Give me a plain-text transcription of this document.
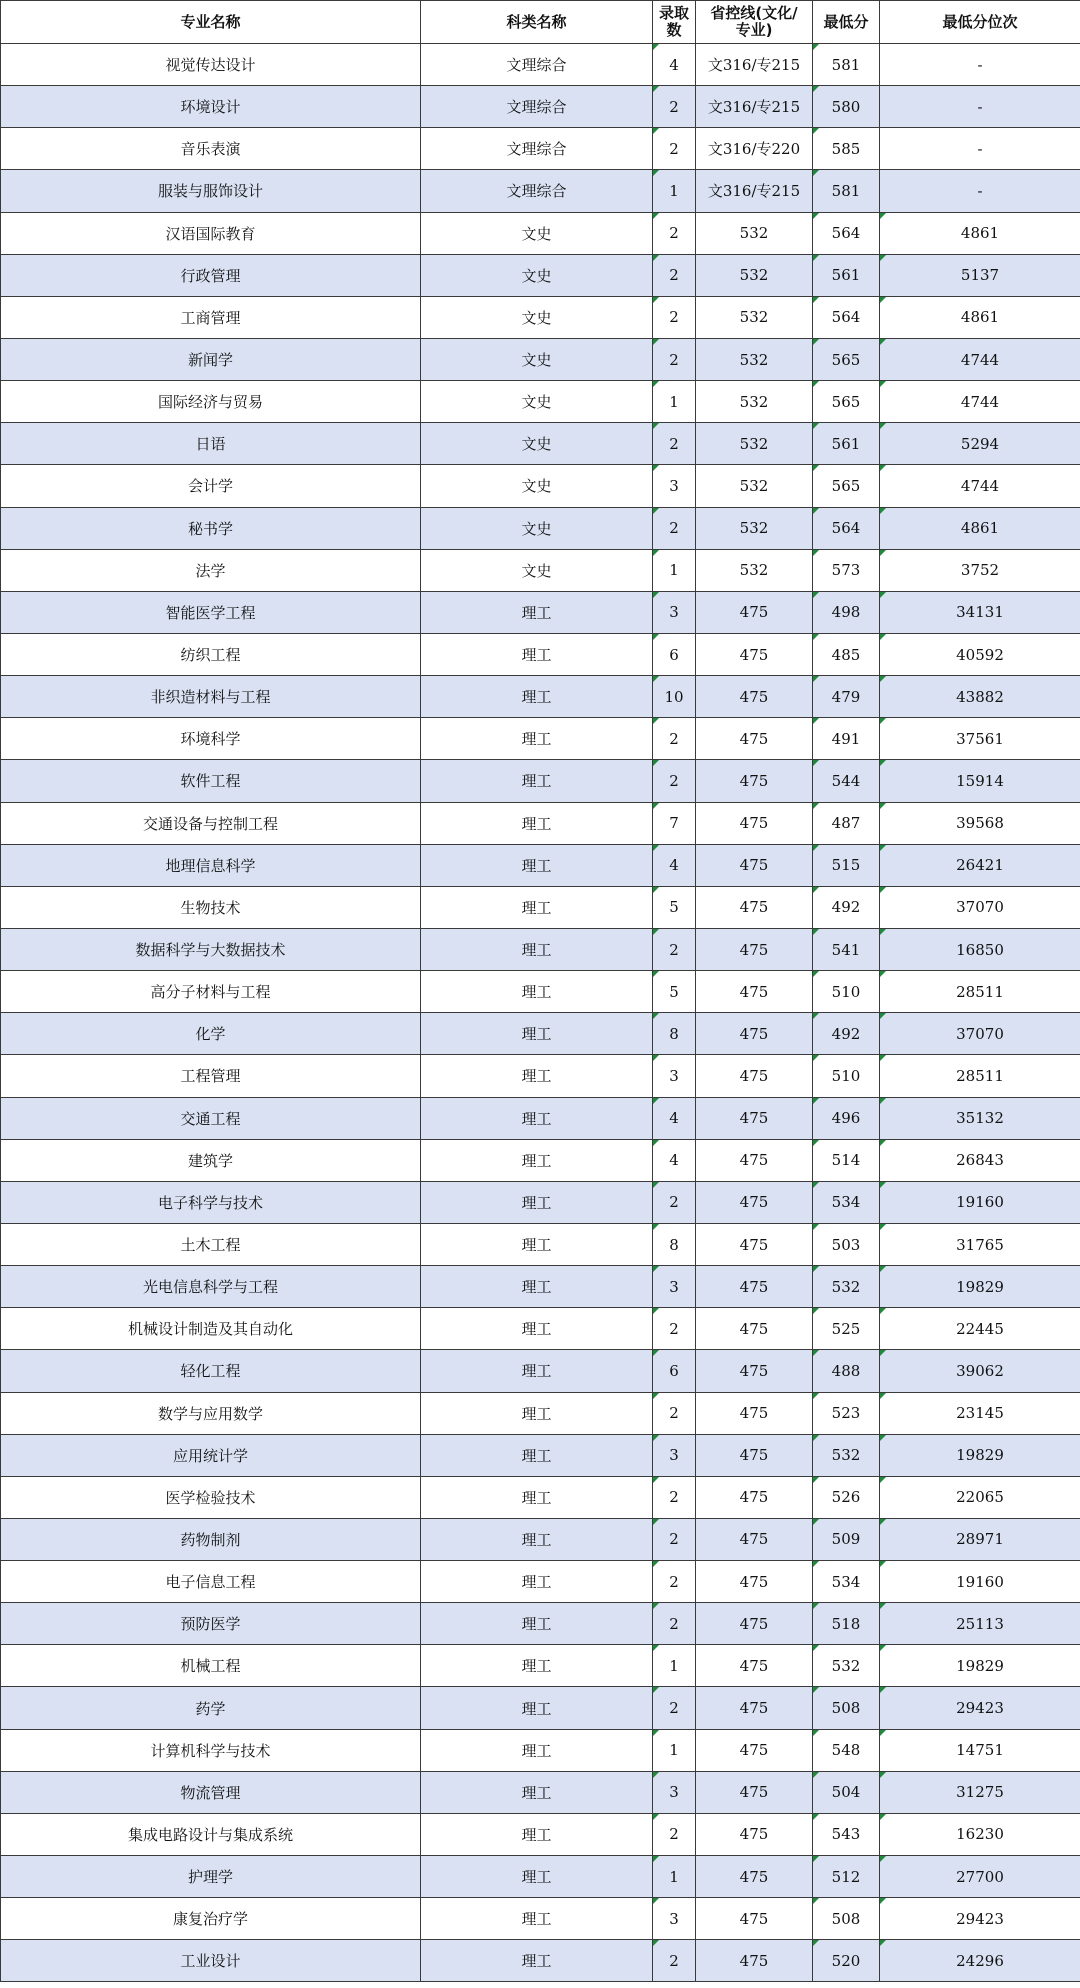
专业名称	科类名称	录取数	省控线(文化/专业)	最低分	最低分位次
视觉传达设计	文理综合	4	文316/专215	581	-
环境设计	文理综合	2	文316/专215	580	-
音乐表演	文理综合	2	文316/专220	585	-
服装与服饰设计	文理综合	1	文316/专215	581	-
汉语国际教育	文史	2	532	564	4861
行政管理	文史	2	532	561	5137
工商管理	文史	2	532	564	4861
新闻学	文史	2	532	565	4744
国际经济与贸易	文史	1	532	565	4744
日语	文史	2	532	561	5294
会计学	文史	3	532	565	4744
秘书学	文史	2	532	564	4861
法学	文史	1	532	573	3752
智能医学工程	理工	3	475	498	34131
纺织工程	理工	6	475	485	40592
非织造材料与工程	理工	10	475	479	43882
环境科学	理工	2	475	491	37561
软件工程	理工	2	475	544	15914
交通设备与控制工程	理工	7	475	487	39568
地理信息科学	理工	4	475	515	26421
生物技术	理工	5	475	492	37070
数据科学与大数据技术	理工	2	475	541	16850
高分子材料与工程	理工	5	475	510	28511
化学	理工	8	475	492	37070
工程管理	理工	3	475	510	28511
交通工程	理工	4	475	496	35132
建筑学	理工	4	475	514	26843
电子科学与技术	理工	2	475	534	19160
土木工程	理工	8	475	503	31765
光电信息科学与工程	理工	3	475	532	19829
机械设计制造及其自动化	理工	2	475	525	22445
轻化工程	理工	6	475	488	39062
数学与应用数学	理工	2	475	523	23145
应用统计学	理工	3	475	532	19829
医学检验技术	理工	2	475	526	22065
药物制剂	理工	2	475	509	28971
电子信息工程	理工	2	475	534	19160
预防医学	理工	2	475	518	25113
机械工程	理工	1	475	532	19829
药学	理工	2	475	508	29423
计算机科学与技术	理工	1	475	548	14751
物流管理	理工	3	475	504	31275
集成电路设计与集成系统	理工	2	475	543	16230
护理学	理工	1	475	512	27700
康复治疗学	理工	3	475	508	29423
工业设计	理工	2	475	520	24296
